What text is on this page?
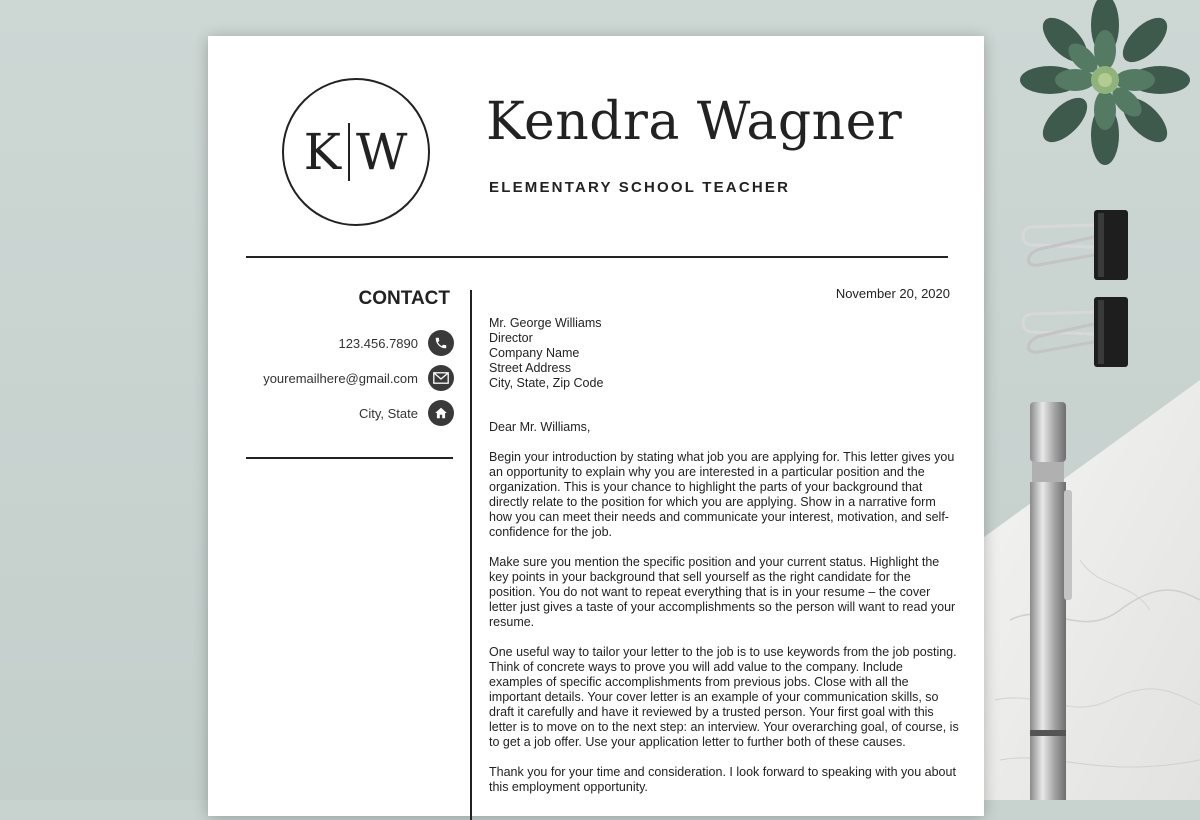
K W Kendra Wagner
ELEMENTARY SCHOOL TEACHER
CONTACT
123.456.7890
youremailhere@gmail.com
City, State
November 20, 2020
Mr. George Williams
Director
Company Name
Street Address
City, State, Zip Code

Dear Mr. Williams,

Begin your introduction by stating what job you are applying for. This letter gives you an opportunity to explain why you are interested in a particular position and the organization. This is your chance to highlight the parts of your background that directly relate to the position for which you are applying. Show in a narrative form how you can meet their needs and communicate your interest, motivation, and self-confidence for the job.

Make sure you mention the specific position and your current status. Highlight the key points in your background that sell yourself as the right candidate for the position. You do not want to repeat everything that is in your resume – the cover letter just gives a taste of your accomplishments so the person will want to read your resume.

One useful way to tailor your letter to the job is to use keywords from the job posting. Think of concrete ways to prove you will add value to the company. Include examples of specific accomplishments from previous jobs. Close with all the important details. Your cover letter is an example of your communication skills, so draft it carefully and have it reviewed by a trusted person. Your first goal with this letter is to move on to the next step: an interview. Your overarching goal, of course, is to get a job offer. Use your application letter to further both of these causes.

Thank you for your time and consideration. I look forward to speaking with you about this employment opportunity.
